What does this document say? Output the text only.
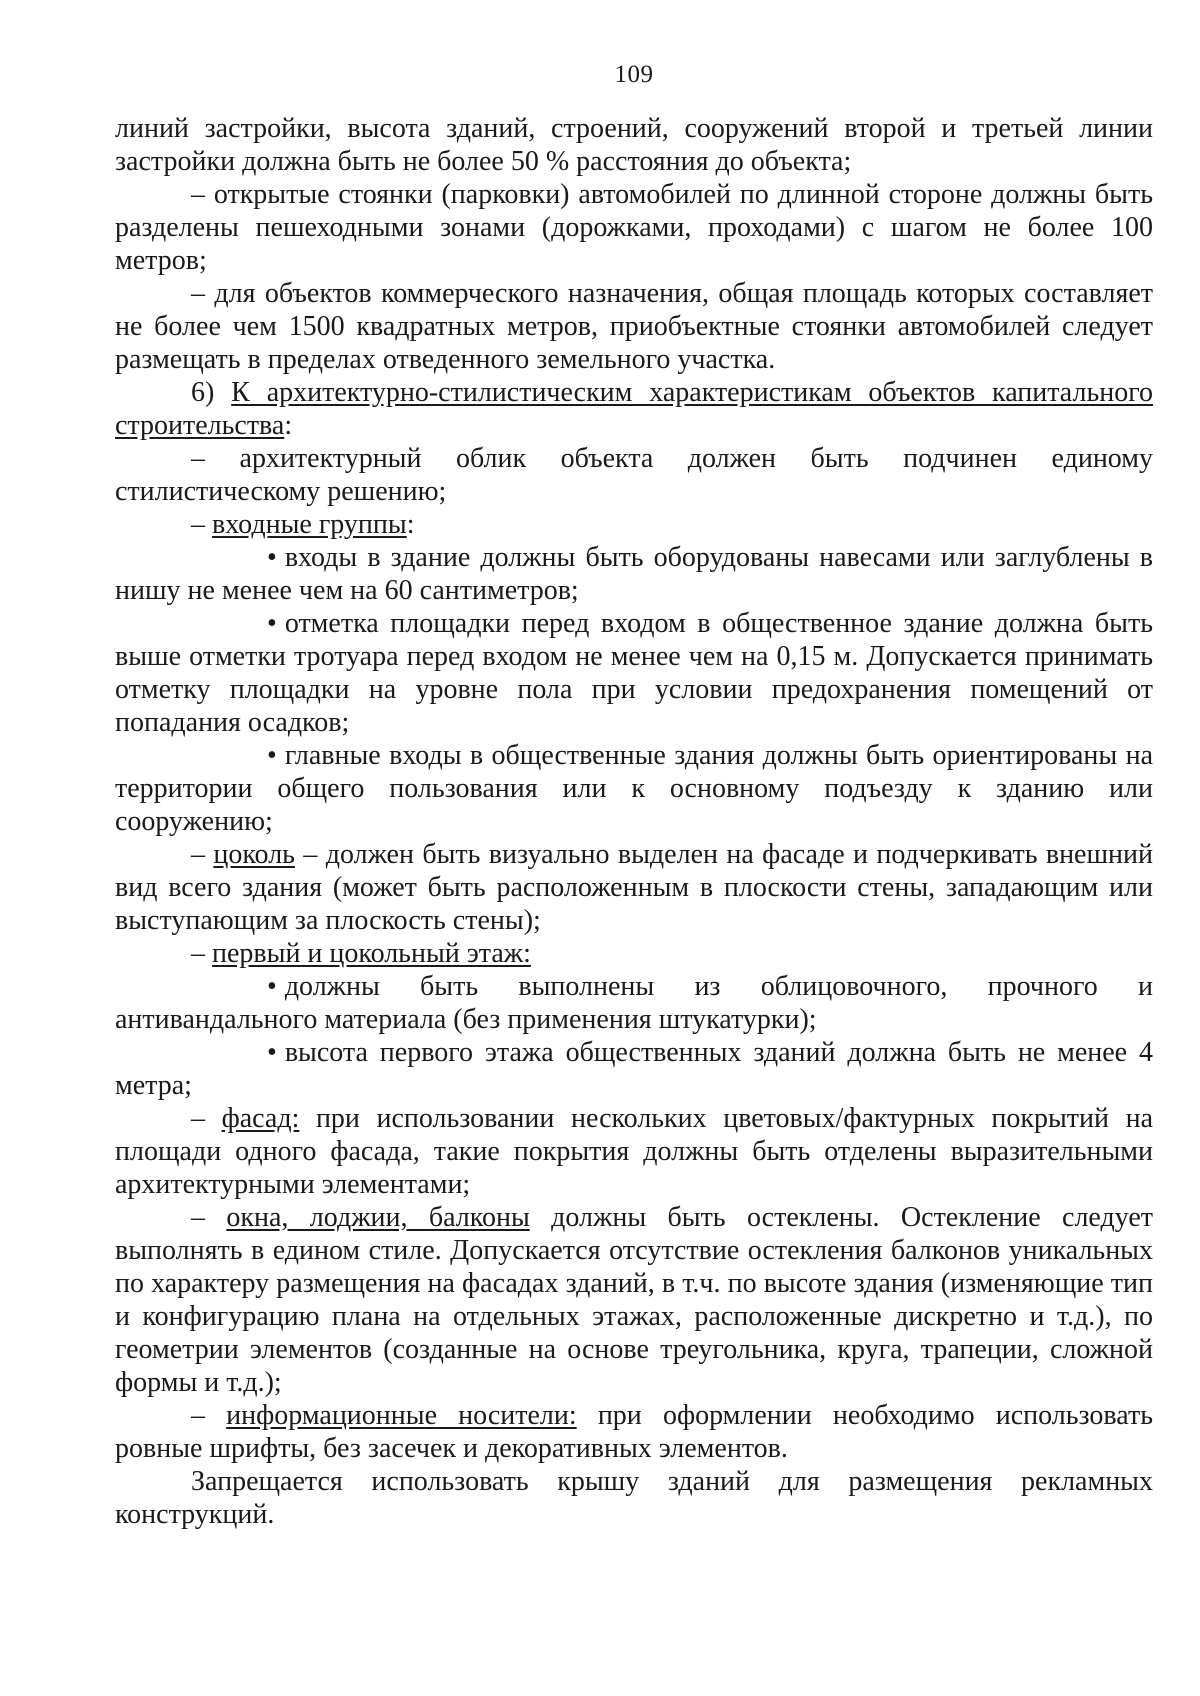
109

линий застройки, высота зданий, строений, сооружений второй и третьей линии застройки должна быть не более 50 % расстояния до объекта;

– открытые стоянки (парковки) автомобилей по длинной стороне должны быть разделены пешеходными зонами (дорожками, проходами) с шагом не более 100 метров;

– для объектов коммерческого назначения, общая площадь которых составляет не более чем 1500 квадратных метров, приобъектные стоянки автомобилей следует размещать в пределах отведенного земельного участка.

6) К архитектурно-стилистическим характеристикам объектов капитального строительства:

– архитектурный облик объекта должен быть подчинен единому стилистическому решению;

– входные группы:

• входы в здание должны быть оборудованы навесами или заглублены в нишу не менее чем на 60 сантиметров;

• отметка площадки перед входом в общественное здание должна быть выше отметки тротуара перед входом не менее чем на 0,15 м. Допускается принимать отметку площадки на уровне пола при условии предохранения помещений от попадания осадков;

• главные входы в общественные здания должны быть ориентированы на территории общего пользования или к основному подъезду к зданию или сооружению;

– цоколь – должен быть визуально выделен на фасаде и подчеркивать внешний вид всего здания (может быть расположенным в плоскости стены, западающим или выступающим за плоскость стены);

– первый и цокольный этаж:

• должны быть выполнены из облицовочного, прочного и антивандального материала (без применения штукатурки);

• высота первого этажа общественных зданий должна быть не менее 4 метра;

– фасад: при использовании нескольких цветовых/фактурных покрытий на площади одного фасада, такие покрытия должны быть отделены выразительными архитектурными элементами;

– окна, лоджии, балконы должны быть остеклены. Остекление следует выполнять в едином стиле. Допускается отсутствие остекления балконов уникальных по характеру размещения на фасадах зданий, в т.ч. по высоте здания (изменяющие тип и конфигурацию плана на отдельных этажах, расположенные дискретно и т.д.), по геометрии элементов (созданные на основе треугольника, круга, трапеции, сложной формы и т.д.);

– информационные носители: при оформлении необходимо использовать ровные шрифты, без засечек и декоративных элементов.

Запрещается использовать крышу зданий для размещения рекламных конструкций.
